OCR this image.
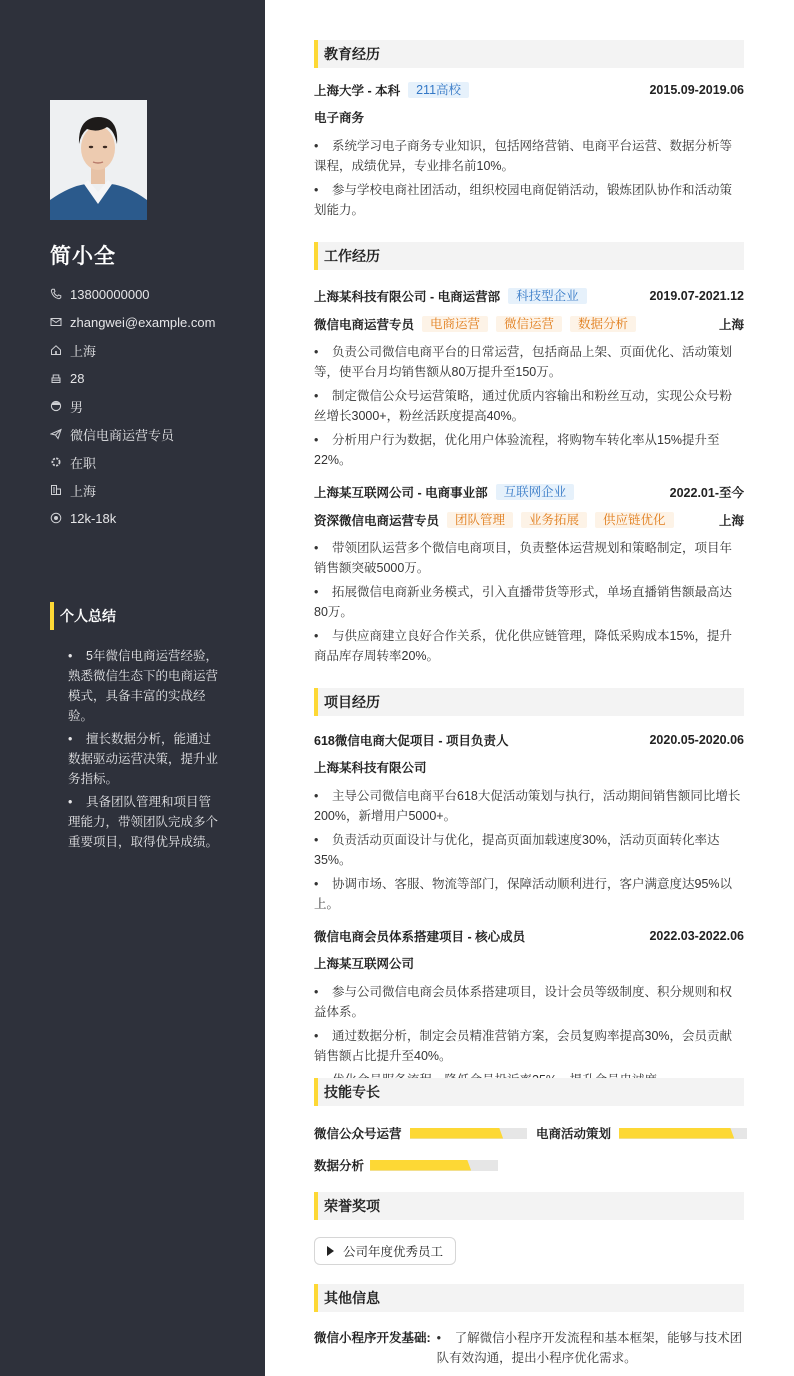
简小全
13800000000
zhangwei@example.com
上海
28
男
微信电商运营专员
在职
上海
12k-18k
个人总结
• 5年微信电商运营经验，熟悉微信生态下的电商运营模式，具备丰富的实战经验。
• 擅长数据分析，能通过数据驱动运营决策，提升业务指标。
• 具备团队管理和项目管理能力，带领团队完成多个重要项目，取得优异成绩。
教育经历
上海大学 - 本科	211高校	2015.09-2019.06
电子商务
• 系统学习电子商务专业知识，包括网络营销、电商平台运营、数据分析等课程，成绩优异，专业排名前10%。
• 参与学校电商社团活动，组织校园电商促销活动，锻炼团队协作和活动策划能力。
工作经历
上海某科技有限公司 - 电商运营部	科技型企业	2019.07-2021.12
微信电商运营专员	电商运营	微信运营	数据分析	上海
• 负责公司微信电商平台的日常运营，包括商品上架、页面优化、活动策划等，使平台月均销售额从80万提升至150万。
• 制定微信公众号运营策略，通过优质内容输出和粉丝互动，实现公众号粉丝增长3000+，粉丝活跃度提高40%。
• 分析用户行为数据，优化用户体验流程，将购物车转化率从15%提升至22%。
上海某互联网公司 - 电商事业部	互联网企业	2022.01-至今
资深微信电商运营专员	团队管理	业务拓展	供应链优化	上海
• 带领团队运营多个微信电商项目，负责整体运营规划和策略制定，项目年销售额突破5000万。
• 拓展微信电商新业务模式，引入直播带货等形式，单场直播销售额最高达80万。
• 与供应商建立良好合作关系，优化供应链管理，降低采购成本15%，提升商品库存周转率20%。
项目经历
618微信电商大促项目 - 项目负责人	2020.05-2020.06
上海某科技有限公司
• 主导公司微信电商平台618大促活动策划与执行，活动期间销售额同比增长200%，新增用户5000+。
• 负责活动页面设计与优化，提高页面加载速度30%，活动页面转化率达35%。
• 协调市场、客服、物流等部门，保障活动顺利进行，客户满意度达95%以上。
微信电商会员体系搭建项目 - 核心成员	2022.03-2022.06
上海某互联网公司
• 参与公司微信电商会员体系搭建项目，设计会员等级制度、积分规则和权益体系。
• 通过数据分析，制定会员精准营销方案，会员复购率提高30%，会员贡献销售额占比提升至40%。
•
技能专长
微信公众号运营	电商活动策划
数据分析
荣誉奖项
公司年度优秀员工
其他信息
微信小程序开发基础:	• 了解微信小程序开发流程和基本框架，能够与技术团队有效沟通，提出小程序优化需求。
